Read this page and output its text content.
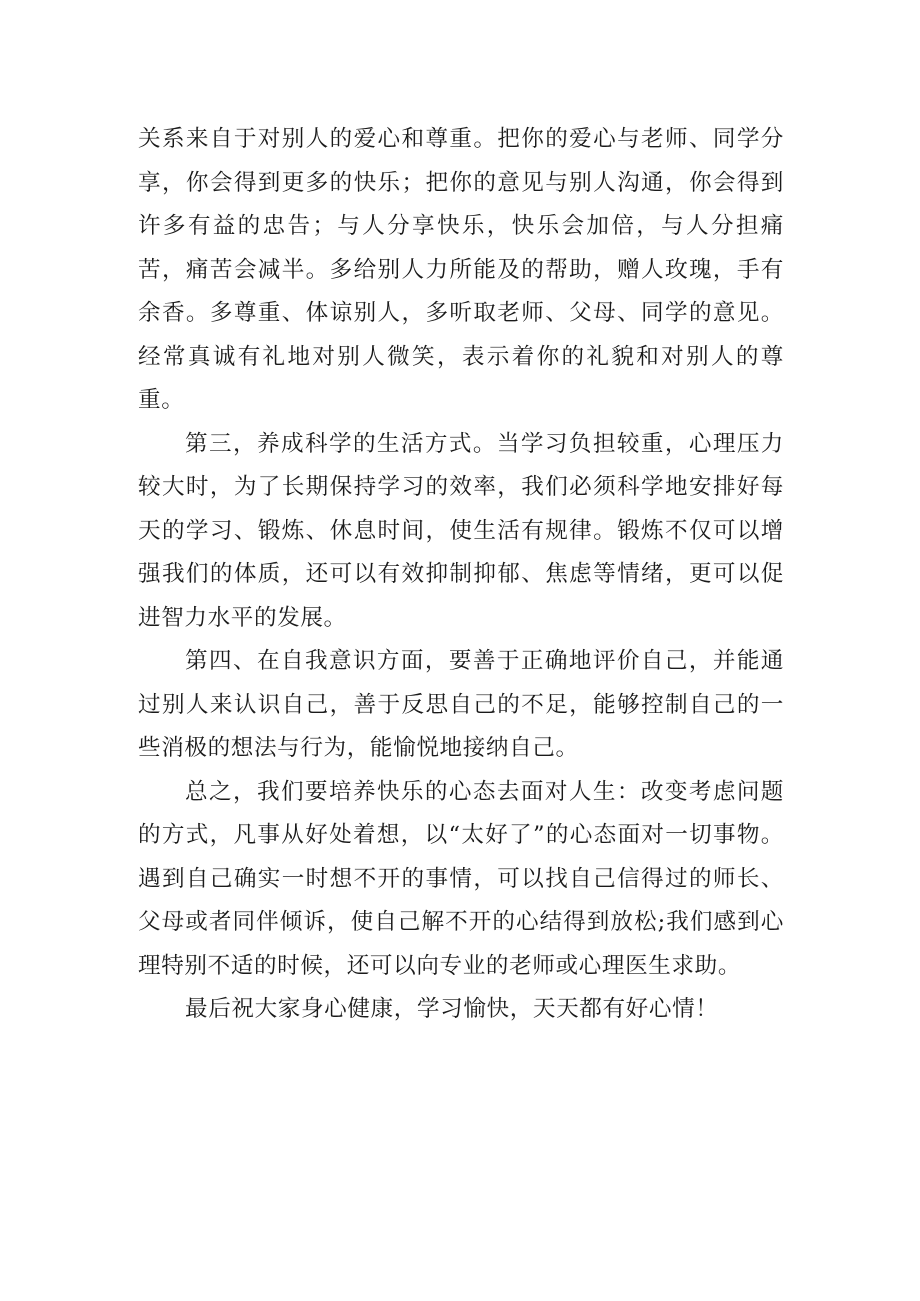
关系来自于对别人的爱心和尊重。把你的爱心与老师、同学分享，你会得到更多的快乐；把你的意见与别人沟通，你会得到许多有益的忠告；与人分享快乐，快乐会加倍，与人分担痛苦，痛苦会减半。多给别人力所能及的帮助，赠人玫瑰，手有余香。多尊重、体谅别人，多听取老师、父母、同学的意见。经常真诚有礼地对别人微笑，表示着你的礼貌和对别人的尊重。

第三，养成科学的生活方式。当学习负担较重，心理压力较大时，为了长期保持学习的效率，我们必须科学地安排好每天的学习、锻炼、休息时间，使生活有规律。锻炼不仅可以增强我们的体质，还可以有效抑制抑郁、焦虑等情绪，更可以促进智力水平的发展。

第四、在自我意识方面，要善于正确地评价自己，并能通过别人来认识自己，善于反思自己的不足，能够控制自己的一些消极的想法与行为，能愉悦地接纳自己。

总之，我们要培养快乐的心态去面对人生：改变考虑问题的方式，凡事从好处着想，以“太好了”的心态面对一切事物。遇到自己确实一时想不开的事情，可以找自己信得过的师长、父母或者同伴倾诉，使自己解不开的心结得到放松;我们感到心理特别不适的时候，还可以向专业的老师或心理医生求助。

最后祝大家身心健康，学习愉快，天天都有好心情！
